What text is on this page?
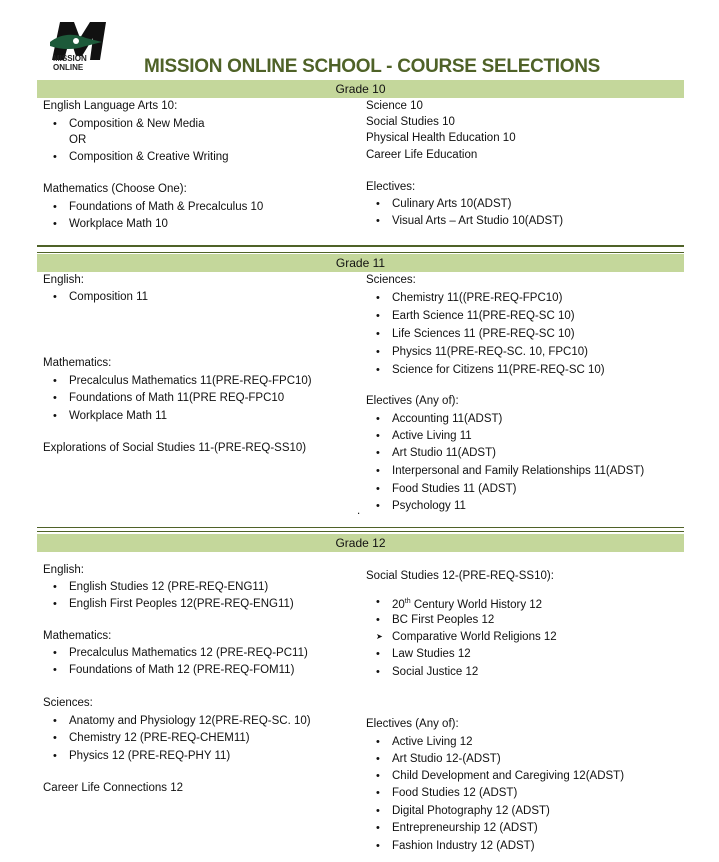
MISSION
ONLINE	MISSION ONLINE SCHOOL - COURSE SELECTIONS
Grade 10
Grade 11
Grade 12
.
English Language Arts 10:
• Composition & New Media
OR
• Composition & Creative Writing
Mathematics (Choose One):
• Foundations of Math & Precalculus 10
• Workplace Math 10
Science 10
Social Studies 10
Physical Health Education 10
Career Life Education
Electives:
• Culinary Arts 10(ADST)
• Visual Arts – Art Studio 10(ADST)
English:
• Composition 11
Mathematics:
• Precalculus Mathematics 11(PRE-REQ-FPC10)
• Foundations of Math 11(PRE REQ-FPC10
• Workplace Math 11
Explorations of Social Studies 11-(PRE-REQ-SS10)
Sciences:
• Chemistry 11((PRE-REQ-FPC10)
• Earth Science 11(PRE-REQ-SC 10)
• Life Sciences 11 (PRE-REQ-SC 10)
• Physics 11(PRE-REQ-SC. 10, FPC10)
• Science for Citizens 11(PRE-REQ-SC 10)
Electives (Any of):
• Accounting 11(ADST)
• Active Living 11
• Art Studio 11(ADST)
• Interpersonal and Family Relationships 11(ADST)
• Food Studies 11 (ADST)
• Psychology 11
English:
• English Studies 12 (PRE-REQ-ENG11)
• English First Peoples 12(PRE-REQ-ENG11)
Mathematics:
• Precalculus Mathematics 12 (PRE-REQ-PC11)
• Foundations of Math 12 (PRE-REQ-FOM11)
Sciences:
• Anatomy and Physiology 12(PRE-REQ-SC. 10)
• Chemistry 12 (PRE-REQ-CHEM11)
• Physics 12 (PRE-REQ-PHY 11)
Career Life Connections 12
Social Studies 12-(PRE-REQ-SS10):
• 20th Century World History 12
• BC First Peoples 12
➤ Comparative World Religions 12
• Law Studies 12
• Social Justice 12
Electives (Any of):
• Active Living 12
• Art Studio 12-(ADST)
• Child Development and Caregiving 12(ADST)
• Food Studies 12 (ADST)
• Digital Photography 12 (ADST)
• Entrepreneurship 12 (ADST)
• Fashion Industry 12 (ADST)
